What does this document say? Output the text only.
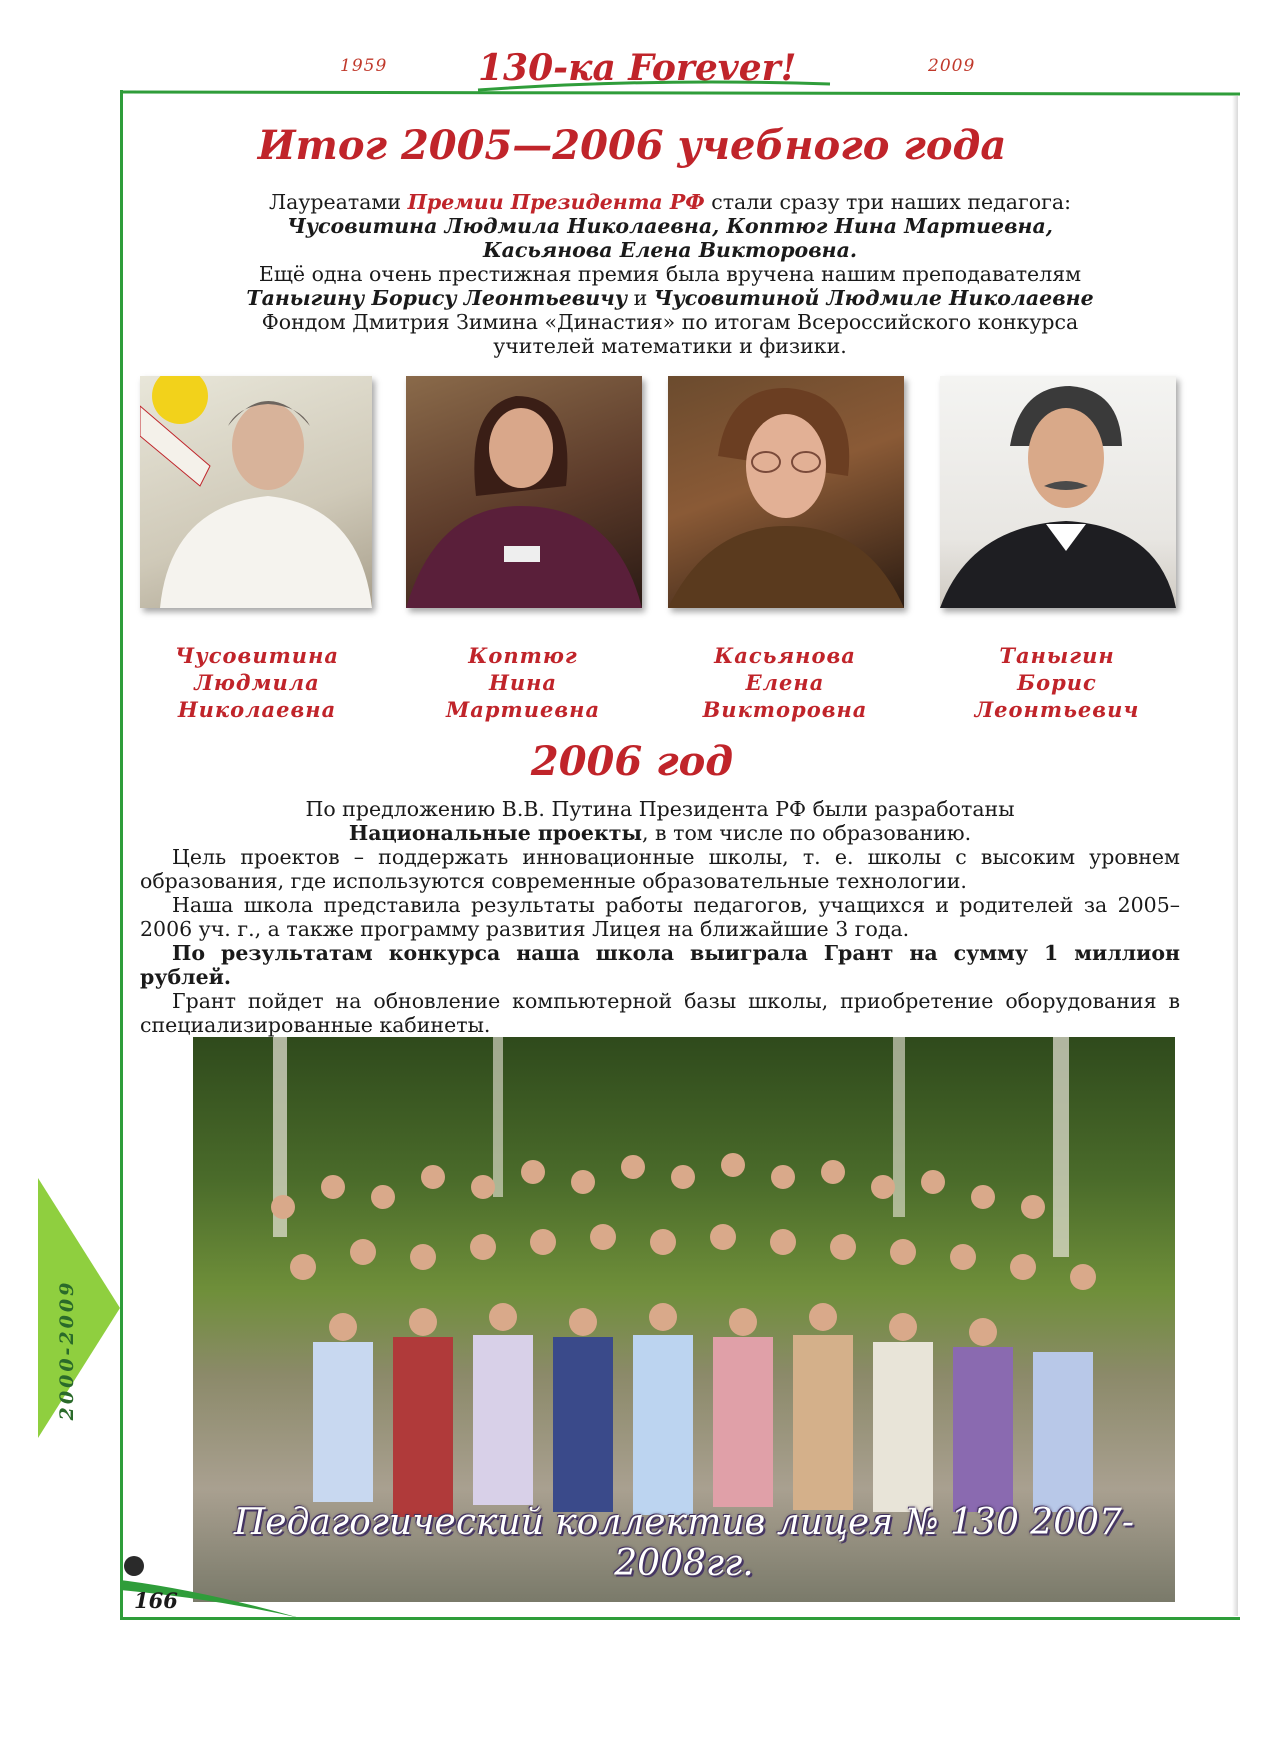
1959	2009
130-ка Forever!
Итог 2005—2006 учебного года

Лауреатами Премии Президента РФ стали сразу три наших педагога:

Чусовитина Людмила Николаевна, Коптюг Нина Мартиевна,

Касьянова Елена Викторовна.

Ещё одна очень престижная премия была вручена нашим преподавателям

Таныгину Борису Леонтьевичу и Чусовитиной Людмиле Николаевне

Фондом Дмитрия Зимина «Династия» по итогам Всероссийского конкурса

учителей математики и физики.

Чусовитина
Людмила
Николаевна
Коптюг
Нина
Мартиевна
Касьянова
Елена
Викторовна
Таныгин
Борис
Леонтьевич
2006 год

По предложению В.В. Путина Президента РФ были разработаны

Национальные проекты, в том числе по образованию.

Цель проектов – поддержать инновационные школы, т. е. школы с высоким уровнем образования, где используются современные образовательные технологии.

Наша школа представила результаты работы педагогов, учащихся и родителей за 2005–2006 уч. г., а также программу развития Лицея на ближайшие 3 года.

По результатам конкурса наша школа выиграла Грант на сумму 1 миллион рублей.

Грант пойдет на обновление компьютерной базы школы, приобретение оборудования в специализированные кабинеты.

Педагогический коллектив лицея № 130 2007-2008гг.
2000-2009
166
